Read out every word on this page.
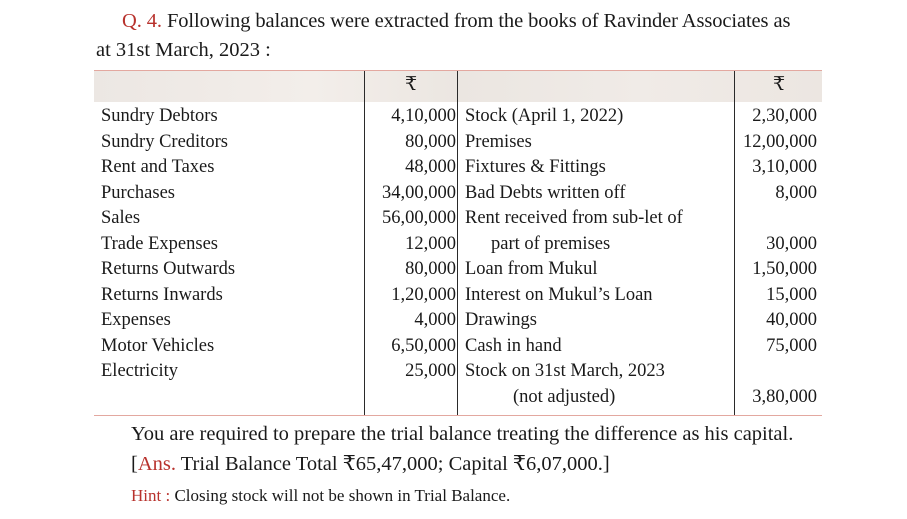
Q. 4. Following balances were extracted from the books of Ravinder Associates as
at 31st March, 2023 :
₹	₹
Sundry Debtors	4,10,000 Stock (April 1, 2022)	2,30,000
Sundry Creditors	80,000 Premises	12,00,000
Rent and Taxes	48,000 Fixtures & Fittings	3,10,000
Purchases	34,00,000 Bad Debts written off	8,000
Sales	56,00,000 Rent received from sub-let of
Trade Expenses	12,000 part of premises	30,000
Returns Outwards	80,000 Loan from Mukul	1,50,000
Returns Inwards	1,20,000 Interest on Mukul’s Loan	15,000
Expenses	4,000 Drawings	40,000
Motor Vehicles	6,50,000 Cash in hand	75,000
Electricity	25,000 Stock on 31st March, 2023
(not adjusted)	3,80,000
You are required to prepare the trial balance treating the difference as his capital.
[Ans. Trial Balance Total ₹65,47,000; Capital ₹6,07,000.]
Hint : Closing stock will not be shown in Trial Balance.
